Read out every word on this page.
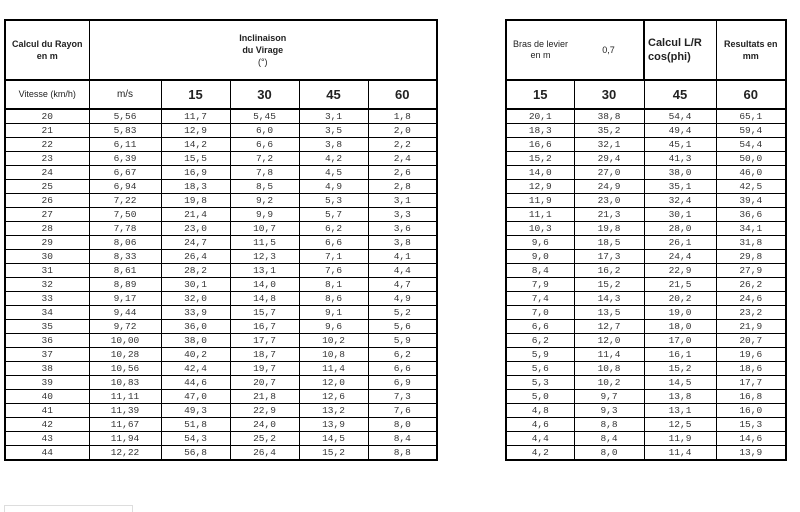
Calcul du Rayon en m	Inclinaison
du Virage
(°)				

Vitesse (km/h)	m/s	15	30	45	60
20	5,56	11,7	5,45	3,1	1,8
21	5,83	12,9	6,0	3,5	2,0
22	6,11	14,2	6,6	3,8	2,2
23	6,39	15,5	7,2	4,2	2,4
24	6,67	16,9	7,8	4,5	2,6
25	6,94	18,3	8,5	4,9	2,8
26	7,22	19,8	9,2	5,3	3,1
27	7,50	21,4	9,9	5,7	3,3
28	7,78	23,0	10,7	6,2	3,6
29	8,06	24,7	11,5	6,6	3,8
30	8,33	26,4	12,3	7,1	4,1
31	8,61	28,2	13,1	7,6	4,4
32	8,89	30,1	14,0	8,1	4,7
33	9,17	32,0	14,8	8,6	4,9
34	9,44	33,9	15,7	9,1	5,2
35	9,72	36,0	16,7	9,6	5,6
36	10,00	38,0	17,7	10,2	5,9
37	10,28	40,2	18,7	10,8	6,2
38	10,56	42,4	19,7	11,4	6,6
39	10,83	44,6	20,7	12,0	6,9
40	11,11	47,0	21,8	12,6	7,3
41	11,39	49,3	22,9	13,2	7,6
42	11,67	51,8	24,0	13,9	8,0
43	11,94	54,3	25,2	14,5	8,4
44	12,22	56,8	26,4	15,2	8,8
Bras de levier en m	0,7	Calcul L/R cos(phi)	Resultats en mm
15	30	45	60
20,1	38,8	54,4	65,1
18,3	35,2	49,4	59,4
16,6	32,1	45,1	54,4
15,2	29,4	41,3	50,0
14,0	27,0	38,0	46,0
12,9	24,9	35,1	42,5
11,9	23,0	32,4	39,4
11,1	21,3	30,1	36,6
10,3	19,8	28,0	34,1
9,6	18,5	26,1	31,8
9,0	17,3	24,4	29,8
8,4	16,2	22,9	27,9
7,9	15,2	21,5	26,2
7,4	14,3	20,2	24,6
7,0	13,5	19,0	23,2
6,6	12,7	18,0	21,9
6,2	12,0	17,0	20,7
5,9	11,4	16,1	19,6
5,6	10,8	15,2	18,6
5,3	10,2	14,5	17,7
5,0	9,7	13,8	16,8
4,8	9,3	13,1	16,0
4,6	8,8	12,5	15,3
4,4	8,4	11,9	14,6
4,2	8,0	11,4	13,9
